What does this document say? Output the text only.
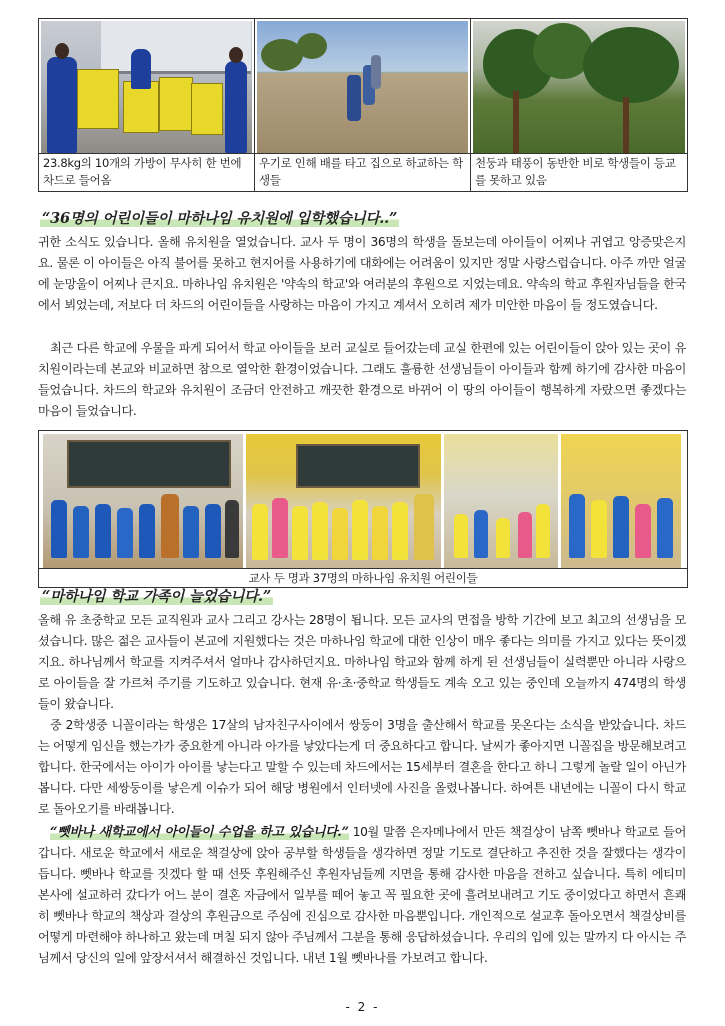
23.8kg의 10개의 가방이 무사히 한 번에 차드로 들어옴
우기로 인해 배를 타고 집으로 하교하는 학생들
천둥과 태풍이 동반한 비로 학생들이 등교를 못하고 있음
“36명의 어린이들이 마하나임 유치원에 입학했습니다..”

귀한 소식도 있습니다. 올해 유치원을 열었습니다. 교사 두 명이 36명의 학생을 돌보는데 아이들이 어찌나 귀엽고 앙증맞은지요. 물론 이 아이들은 아직 불어를 못하고 현지어를 사용하기에 대화에는 어려움이 있지만 정말 사랑스럽습니다. 아주 까만 얼굴에 눈망울이 어찌나 큰지요. 마하나임 유치원은 '약속의 학교'와 여러분의 후원으로 지었는데요. 약속의 학교 후원자님들을 한국에서 뵈었는데, 저보다 더 차드의 어린이들을 사랑하는 마음이 가지고 계셔서 오히려 제가 미안한 마음이 들 정도였습니다.

최근 다른 학교에 우물을 파게 되어서 학교 아이들을 보러 교실로 들어갔는데 교실 한편에 있는 어린이들이 앉아 있는 곳이 유치원이라는데 본교와 비교하면 참으로 열악한 환경이었습니다. 그래도 훌륭한 선생님들이 아이들과 함께 하기에 감사한 마음이 들었습니다. 차드의 학교와 유치원이 조금더 안전하고 깨끗한 환경으로 바뀌어 이 땅의 아이들이 행복하게 자랐으면 좋겠다는 마음이 들었습니다.

교사 두 명과 37명의 마하나임 유치원 어린이들
“마하나임 학교 가족이 늘었습니다.”

올해 유 초중학교 모든 교직원과 교사 그리고 강사는 28명이 됩니다. 모든 교사의 면접을 방학 기간에 보고 최고의 선생님을 모셨습니다. 많은 젊은 교사들이 본교에 지원했다는 것은 마하나임 학교에 대한 인상이 매우 좋다는 의미를 가지고 있다는 뜻이겠지요. 하나님께서 학교를 지켜주셔서 얼마나 감사하던지요. 마하나임 학교와 함께 하게 된 선생님들이 실력뿐만 아니라 사랑으로 아이들을 잘 가르쳐 주기를 기도하고 있습니다. 현재 유·초·중학교 학생들도 계속 오고 있는 중인데 오늘까지 474명의 학생들이 왔습니다.

중 2학생중 니꼴이라는 학생은 17살의 남자친구사이에서 쌍둥이 3명을 출산해서 학교를 못온다는 소식을 받았습니다. 차드는 어떻게 임신을 했는가가 중요한게 아니라 아가를 낳았다는게 더 중요하다고 합니다. 날씨가 좋아지면 니꼴집을 방문해보려고 합니다. 한국에서는 아이가 아이를 낳는다고 말할 수 있는데 차드에서는 15세부터 결혼을 한다고 하니 그렇게 놀랄 일이 아닌가봅니다. 다만 세쌍둥이를 낳은게 이슈가 되어 해당 병원에서 인터넷에 사진을 올렸나봅니다. 하여튼 내년에는 니꼴이 다시 학교로 돌아오기를 바래봅니다.

“뻿바나 새학교에서 아이들이 수업을 하고 있습니다.” 10월 말쯤 은자메나에서 만든 책걸상이 남쪽 뻿바나 학교로 들어갑니다. 새로운 학교에서 새로운 책걸상에 앉아 공부할 학생들을 생각하면 정말 기도로 결단하고 추진한 것을 잘했다는 생각이 듭니다. 뻿바나 학교를 짓겠다 할 때 선뜻 후원해주신 후원자님들께 지면을 통해 감사한 마음을 전하고 싶습니다. 특히 에티미 본사에 설교하러 갔다가 어느 분이 결혼 자금에서 일부를 떼어 놓고 꼭 필요한 곳에 흘려보내려고 기도 중이었다고 하면서 흔쾌히 뻿바나 학교의 책상과 걸상의 후원금으로 주심에 진심으로 감사한 마음뿐입니다. 개인적으로 설교후 돌아오면서 책걸상비를 어떻게 마련해야 하나하고 왔는데 며칠 되지 않아 주님께서 그분을 통해 응답하셨습니다. 우리의 입에 있는 말까지 다 아시는 주님께서 당신의 일에 앞장서셔서 해결하신 것입니다. 내년 1월 뻿바나를 가보려고 합니다.

- 2 -
